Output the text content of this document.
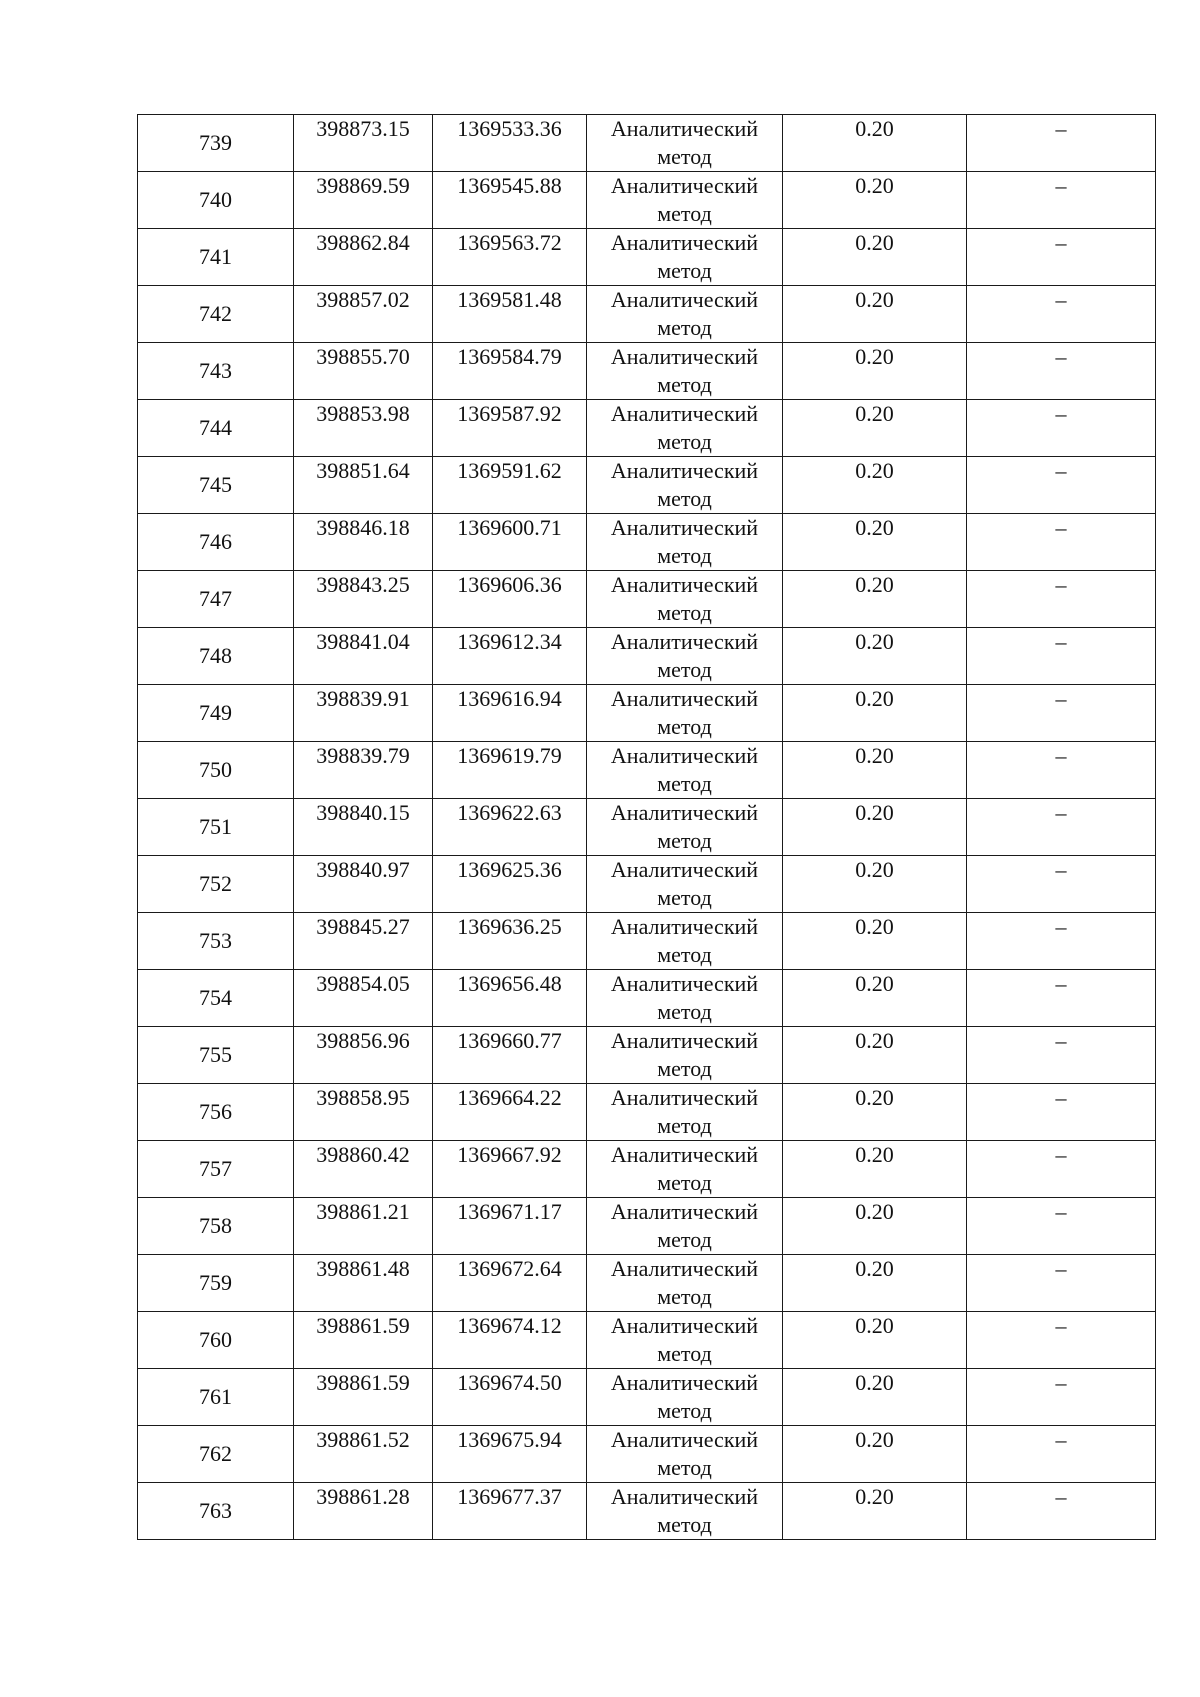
739	398873.15	1369533.36	Аналитический метод	0.20	–
740	398869.59	1369545.88	Аналитический метод	0.20	–
741	398862.84	1369563.72	Аналитический метод	0.20	–
742	398857.02	1369581.48	Аналитический метод	0.20	–
743	398855.70	1369584.79	Аналитический метод	0.20	–
744	398853.98	1369587.92	Аналитический метод	0.20	–
745	398851.64	1369591.62	Аналитический метод	0.20	–
746	398846.18	1369600.71	Аналитический метод	0.20	–
747	398843.25	1369606.36	Аналитический метод	0.20	–
748	398841.04	1369612.34	Аналитический метод	0.20	–
749	398839.91	1369616.94	Аналитический метод	0.20	–
750	398839.79	1369619.79	Аналитический метод	0.20	–
751	398840.15	1369622.63	Аналитический метод	0.20	–
752	398840.97	1369625.36	Аналитический метод	0.20	–
753	398845.27	1369636.25	Аналитический метод	0.20	–
754	398854.05	1369656.48	Аналитический метод	0.20	–
755	398856.96	1369660.77	Аналитический метод	0.20	–
756	398858.95	1369664.22	Аналитический метод	0.20	–
757	398860.42	1369667.92	Аналитический метод	0.20	–
758	398861.21	1369671.17	Аналитический метод	0.20	–
759	398861.48	1369672.64	Аналитический метод	0.20	–
760	398861.59	1369674.12	Аналитический метод	0.20	–
761	398861.59	1369674.50	Аналитический метод	0.20	–
762	398861.52	1369675.94	Аналитический метод	0.20	–
763	398861.28	1369677.37	Аналитический метод	0.20	–
